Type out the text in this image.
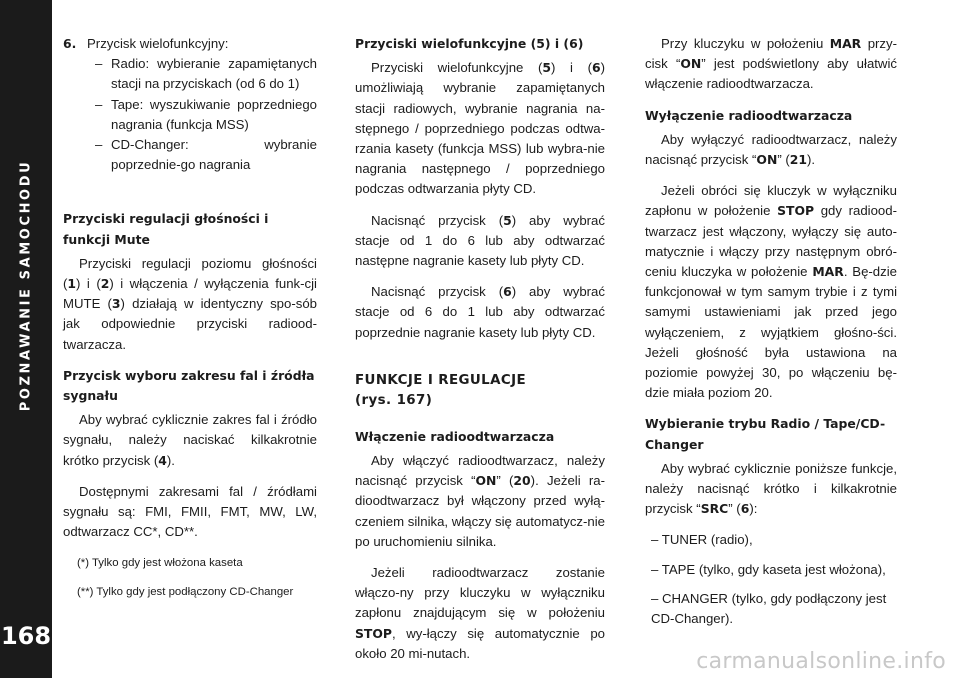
POZNAWANIE SAMOCHODU
168
6. Przycisk wielofunkcyjny:
– Radio: wybieranie zapamiętanych stacji na przyciskach (od 6 do 1)
– Tape: wyszukiwanie poprzedniego nagrania (funkcja MSS)
– CD-Changer: wybranie poprzednie-go nagrania
Przyciski regulacji głośności i funkcji Mute

Przyciski regulacji poziomu głośności (1) i (2) i włączenia / wyłączenia funk-cji MUTE (3) działają w identyczny spo-sób jak odpowiednie przyciski radiood-twarzacza.

Przycisk wyboru zakresu fal i źródła sygnału

Aby wybrać cyklicznie zakres fal i źródło sygnału, należy naciskać kilkakrotnie krótko przycisk (4).

Dostępnymi zakresami fal / źródłami sygnału są: FMI, FMII, FMT, MW, LW, odtwarzacz CC*, CD**.

(*) Tylko gdy jest włożona kaseta
(**) Tylko gdy jest podłączony CD-Changer
Przyciski wielofunkcyjne (5) i (6)

Przyciski wielofunkcyjne (5) i (6) umożliwiają wybranie zapamiętanych stacji radiowych, wybranie nagrania na-stępnego / poprzedniego podczas odtwa-rzania kasety (funkcja MSS) lub wybra-nie nagrania następnego / poprzedniego podczas odtwarzania płyty CD.

Nacisnąć przycisk (5) aby wybrać stacje od 1 do 6 lub aby odtwarzać następne nagranie kasety lub płyty CD.

Nacisnąć przycisk (6) aby wybrać stacje od 6 do 1 lub aby odtwarzać poprzednie nagranie kasety lub płyty CD.

FUNKCJE I REGULACJE
(rys. 167)
Włączenie radioodtwarzacza

Aby włączyć radioodtwarzacz, należy nacisnąć przycisk “ON” (20). Jeżeli ra-dioodtwarzacz był włączony przed wyłą-czeniem silnika, włączy się automatycz-nie po uruchomieniu silnika.

Jeżeli radioodtwarzacz zostanie włączo-ny przy kluczyku w wyłączniku zapłonu znajdującym się w położeniu STOP, wy-łączy się automatycznie po około 20 mi-nutach.

Przy kluczyku w położeniu MAR przy-cisk “ON” jest podświetlony aby ułatwić włączenie radioodtwarzacza.

Wyłączenie radioodtwarzacza

Aby wyłączyć radioodtwarzacz, należy nacisnąć przycisk “ON” (21).

Jeżeli obróci się kluczyk w wyłączniku zapłonu w położenie STOP gdy radiood-twarzacz jest włączony, wyłączy się auto-matycznie i włączy przy następnym obró-ceniu kluczyka w położenie MAR. Bę-dzie funkcjonował w tym samym trybie i z tymi samymi ustawieniami jak przed jego wyłączeniem, z wyjątkiem głośno-ści. Jeżeli głośność była ustawiona na poziomie powyżej 30, po włączeniu bę-dzie miała poziom 20.

Wybieranie trybu Radio / Tape/CD-Changer

Aby wybrać cyklicznie poniższe funkcje, należy nacisnąć krótko i kilkakrotnie przycisk “SRC” (6):

– TUNER (radio),
– TAPE (tylko, gdy kaseta jest włożona),
– CHANGER (tylko, gdy podłączony jest CD-Changer).
carmanualsonline.info
